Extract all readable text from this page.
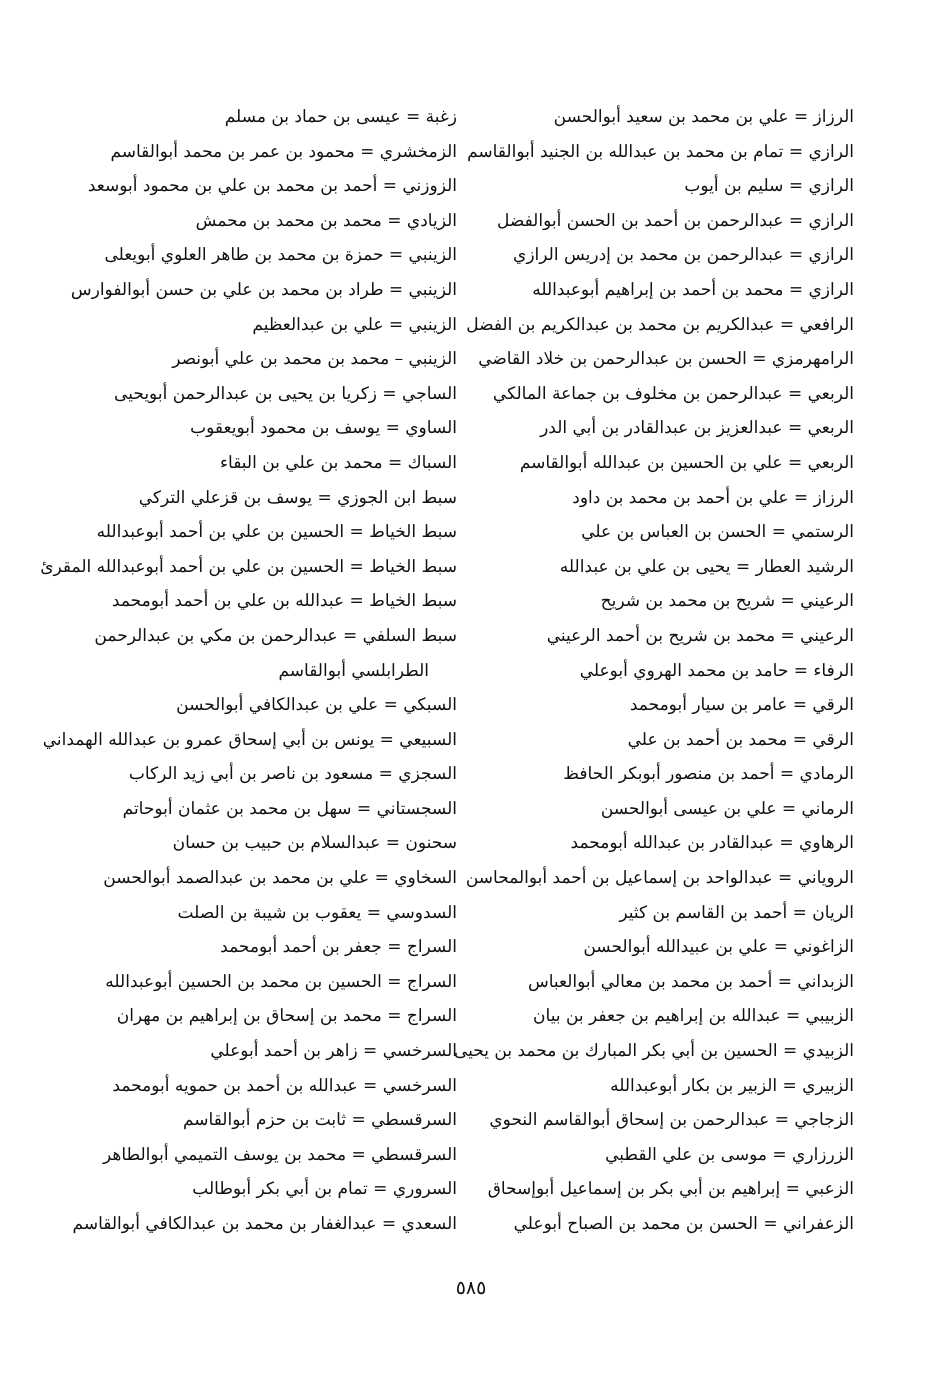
الرزاز = علي بن محمد بن سعيد أبوالحسن
الرازي = تمام بن محمد بن عبدالله بن الجنيد أبوالقاسم
الرازي = سليم بن أيوب
الرازي = عبدالرحمن بن أحمد بن الحسن أبوالفضل
الرازي = عبدالرحمن بن محمد بن إدريس الرازي
الرازي = محمد بن أحمد بن إبراهيم أبوعبدالله
الرافعي = عبدالكريم بن محمد بن عبدالكريم بن الفضل
الرامهرمزي = الحسن بن عبدالرحمن بن خلاد القاضي
الربعي = عبدالرحمن بن مخلوف بن جماعة المالكي
الربعي = عبدالعزيز بن عبدالقادر بن أبي الدر
الربعي = علي بن الحسين بن عبدالله أبوالقاسم
الرزاز = علي بن أحمد بن محمد بن داود
الرستمي = الحسن بن العباس بن علي
الرشيد العطار = يحيى بن علي بن عبدالله
الرعيني = شريح بن محمد بن شريح
الرعيني = محمد بن شريح بن أحمد الرعيني
الرفاء = حامد بن محمد الهروي أبوعلي
الرقي = عامر بن سيار أبومحمد
الرقي = محمد بن أحمد بن علي
الرمادي = أحمد بن منصور أبوبكر الحافظ
الرماني = علي بن عيسى أبوالحسن
الرهاوي = عبدالقادر بن عبدالله أبومحمد
الروياني = عبدالواحد بن إسماعيل بن أحمد أبوالمحاسن
الريان = أحمد بن القاسم بن كثير
الزاغوني = علي بن عبيدالله أبوالحسن
الزبداني = أحمد بن محمد بن معالي أبوالعباس
الزبيبي = عبدالله بن إبراهيم بن جعفر بن بيان
الزبيدي = الحسين بن أبي بكر المبارك بن محمد بن يحيى
الزبيري = الزبير بن بكار أبوعبدالله
الزجاجي = عبدالرحمن بن إسحاق أبوالقاسم النحوي
الزرزاري = موسى بن علي القطبي
الزعبي = إبراهيم بن أبي بكر بن إسماعيل أبوإسحاق
الزعفراني = الحسن بن محمد بن الصباح أبوعلي
زغبة = عيسى بن حماد بن مسلم
الزمخشري = محمود بن عمر بن محمد أبوالقاسم
الزوزني = أحمد بن محمد بن علي بن محمود أبوسعد
الزيادي = محمد بن محمد بن محمش
الزينبي = حمزة بن محمد بن طاهر العلوي أبويعلى
الزينبي = طراد بن محمد بن علي بن حسن أبوالفوارس
الزينبي = علي بن عبدالعظيم
الزينبي – محمد بن محمد بن علي أبونصر
الساجي = زكريا بن يحيى بن عبدالرحمن أبويحيى
الساوي = يوسف بن محمود أبويعقوب
السباك = محمد بن علي بن البقاء
سبط ابن الجوزي = يوسف بن قزعلي التركي
سبط الخياط = الحسين بن علي بن أحمد أبوعبدالله
سبط الخياط = الحسين بن علي بن أحمد أبوعبدالله المقرئ
سبط الخياط = عبدالله بن علي بن أحمد أبومحمد
سبط السلفي = عبدالرحمن بن مكي بن عبدالرحمن
الطرابلسي أبوالقاسم
السبكي = علي بن عبدالكافي أبوالحسن
السبيعي = يونس بن أبي إسحاق عمرو بن عبدالله الهمداني
السجزي = مسعود بن ناصر بن أبي زيد الركاب
السجستاني = سهل بن محمد بن عثمان أبوحاتم
سحنون = عبدالسلام بن حبيب بن حسان
السخاوي = علي بن محمد بن عبدالصمد أبوالحسن
السدوسي = يعقوب بن شيبة بن الصلت
السراج = جعفر بن أحمد أبومحمد
السراج = الحسين بن محمد بن الحسين أبوعبدالله
السراج = محمد بن إسحاق بن إبراهيم بن مهران
السرخسي = زاهر بن أحمد أبوعلي
السرخسي = عبدالله بن أحمد بن حمويه أبومحمد
السرقسطي = ثابت بن حزم أبوالقاسم
السرقسطي = محمد بن يوسف التميمي أبوالطاهر
السروري = تمام بن أبي بكر أبوطالب
السعدي = عبدالغفار بن محمد بن عبدالكافي أبوالقاسم
٥٨٥
